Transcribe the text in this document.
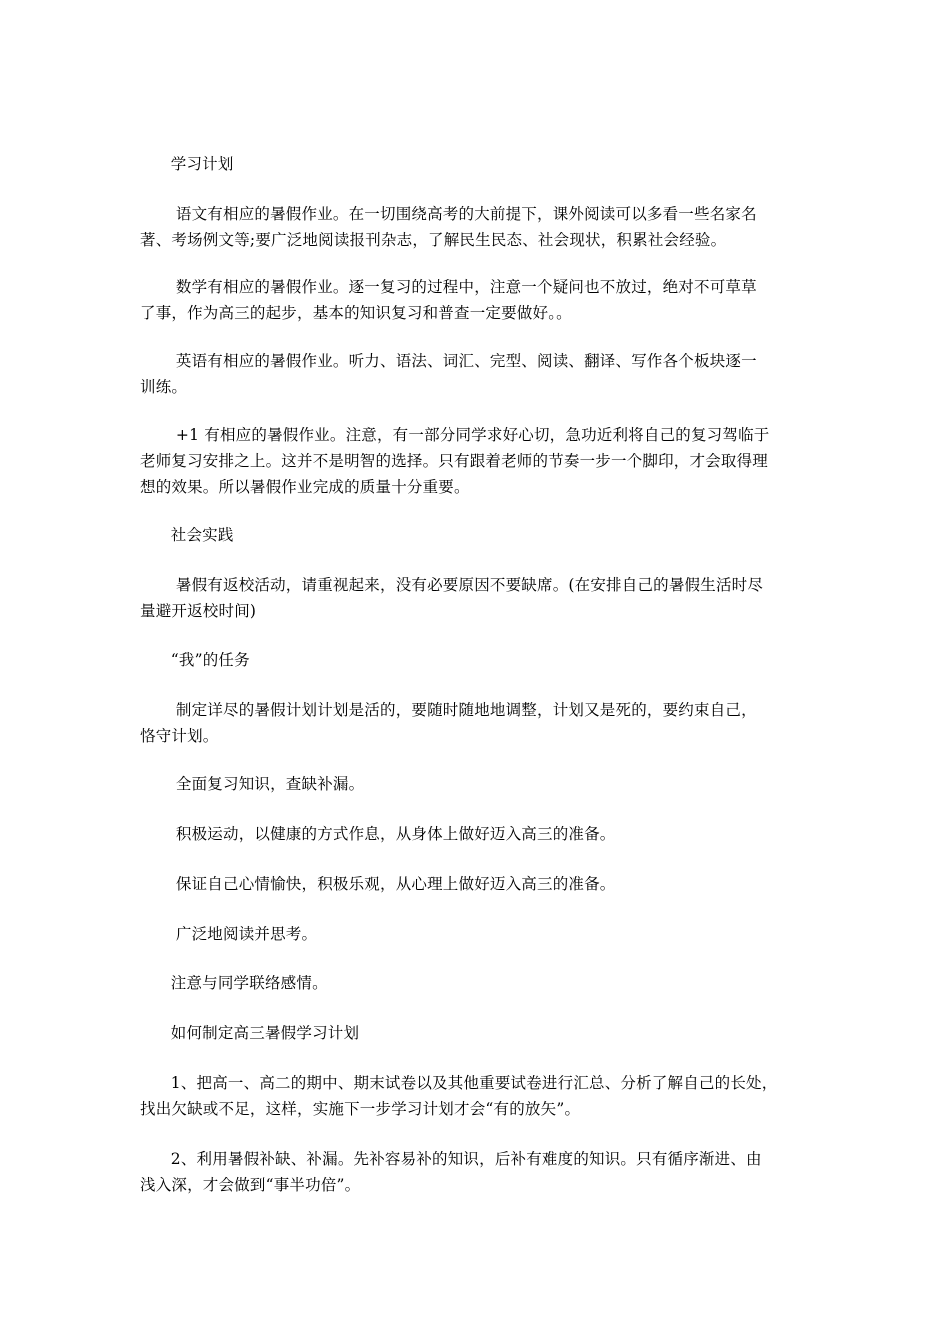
学习计划
语文有相应的暑假作业。在一切围绕高考的大前提下，课外阅读可以多看一些名家名
著、考场例文等;要广泛地阅读报刊杂志，了解民生民态、社会现状，积累社会经验。
数学有相应的暑假作业。逐一复习的过程中，注意一个疑问也不放过，绝对不可草草
了事，作为高三的起步，基本的知识复习和普查一定要做好。。
英语有相应的暑假作业。听力、语法、词汇、完型、阅读、翻译、写作各个板块逐一
训练。
+1 有相应的暑假作业。注意，有一部分同学求好心切，急功近利将自己的复习驾临于
老师复习安排之上。这并不是明智的选择。只有跟着老师的节奏一步一个脚印，才会取得理
想的效果。所以暑假作业完成的质量十分重要。
社会实践
暑假有返校活动，请重视起来，没有必要原因不要缺席。(在安排自己的暑假生活时尽
量避开返校时间)
“我”的任务
制定详尽的暑假计划计划是活的，要随时随地地调整，计划又是死的，要约束自己，
恪守计划。
全面复习知识，查缺补漏。
积极运动，以健康的方式作息，从身体上做好迈入高三的准备。
保证自己心情愉快，积极乐观，从心理上做好迈入高三的准备。
广泛地阅读并思考。
注意与同学联络感情。
如何制定高三暑假学习计划
1、把高一、高二的期中、期末试卷以及其他重要试卷进行汇总、分析了解自己的长处，
找出欠缺或不足，这样，实施下一步学习计划才会“有的放矢”。
2、利用暑假补缺、补漏。先补容易补的知识，后补有难度的知识。只有循序渐进、由
浅入深，才会做到“事半功倍”。
